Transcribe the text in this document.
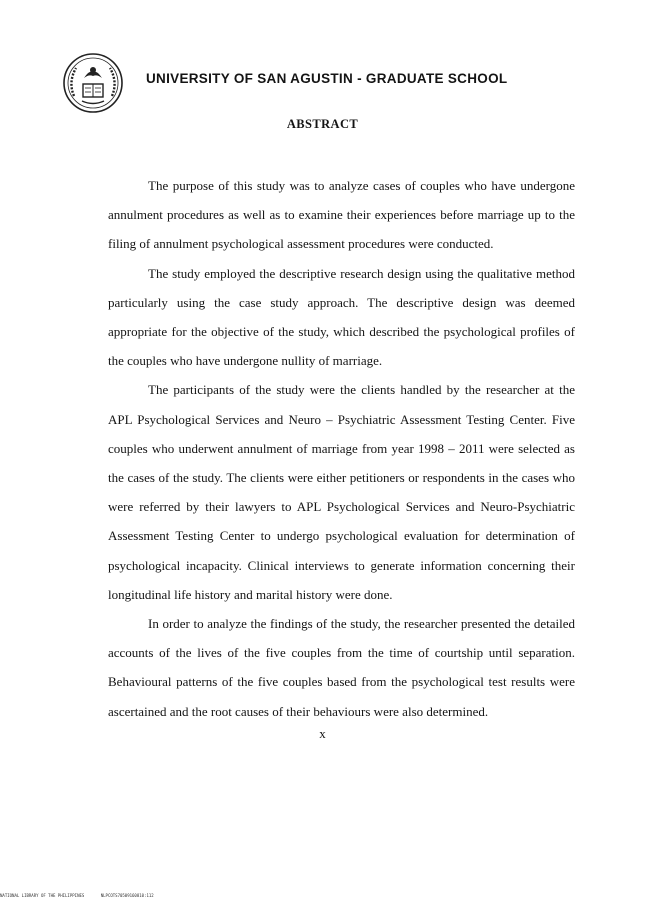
UNIVERSITY OF SAN AGUSTIN - GRADUATE SCHOOL
ABSTRACT

The purpose of this study was to analyze cases of couples who have undergone annulment procedures as well as to examine their experiences before marriage up to the filing of annulment psychological assessment procedures were conducted.

The study employed the descriptive research design using the qualitative method particularly using the case study approach. The descriptive design was deemed appropriate for the objective of the study, which described the psychological profiles of the couples who have undergone nullity of marriage.

The participants of the study were the clients handled by the researcher at the APL Psychological Services and Neuro – Psychiatric Assessment Testing Center. Five couples who underwent annulment of marriage from year 1998 – 2011 were selected as the cases of the study. The clients were either petitioners or respondents in the cases who were referred by their lawyers to APL Psychological Services and Neuro-Psychiatric Assessment Testing Center to undergo psychological evaluation for determination of psychological incapacity. Clinical interviews to generate information concerning their longitudinal life history and marital history were done.

In order to analyze the findings of the study, the researcher presented the detailed accounts of the lives of the five couples from the time of courtship until separation. Behavioural patterns of the five couples based from the psychological test results were ascertained and the root causes of their behaviours were also determined.

x
NATIONAL LIBRARY OF THE PHILIPPINES	NLPCOTS70509160810:112
